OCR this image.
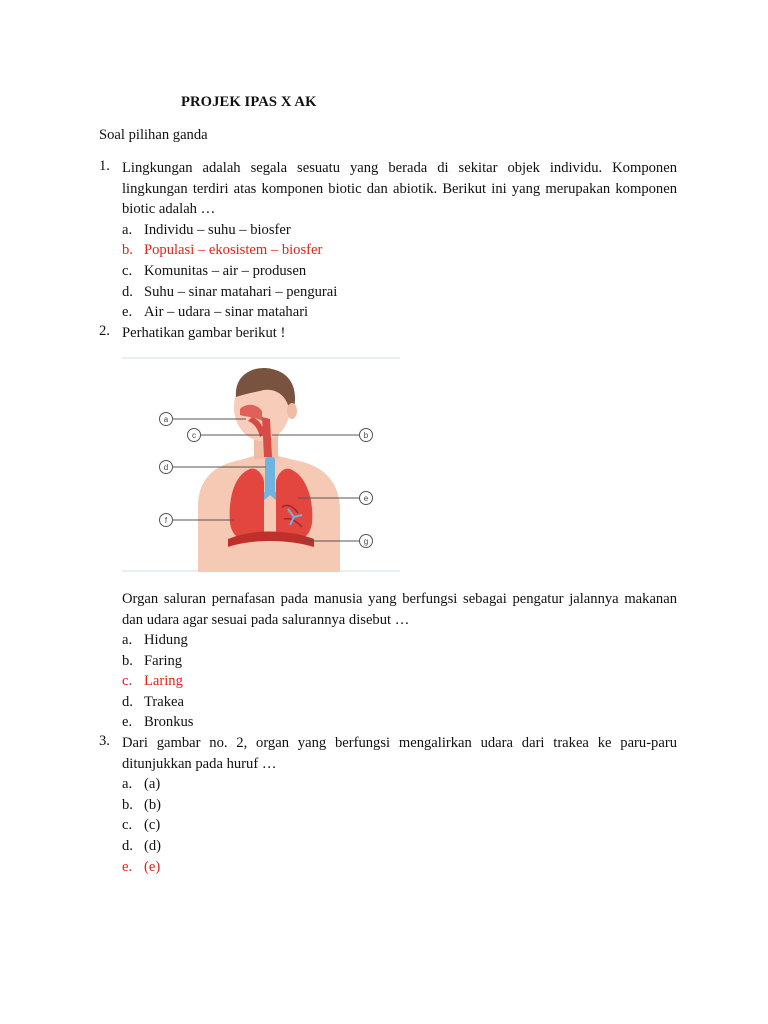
PROJEK IPAS X AK
Soal pilihan ganda
1. Lingkungan adalah segala sesuatu yang berada di sekitar objek individu. Komponen lingkungan terdiri atas komponen biotic dan abiotik. Berikut ini yang merupakan komponen biotic adalah …
a. Individu – suhu – biosfer
b. Populasi – ekosistem – biosfer
c. Komunitas – air – produsen
d. Suhu – sinar matahari – pengurai
e. Air – udara – sinar matahari
2. Perhatikan gambar berikut !
a
b
c
d
e
f
g
Organ saluran pernafasan pada manusia yang berfungsi sebagai pengatur jalannya makanan dan udara agar sesuai pada salurannya disebut …
a. Hidung
b. Faring
c. Laring
d. Trakea
e. Bronkus
3. Dari gambar no. 2, organ yang berfungsi mengalirkan udara dari trakea ke paru-paru ditunjukkan pada huruf …
a. (a)
b. (b)
c. (c)
d. (d)
e. (e)
